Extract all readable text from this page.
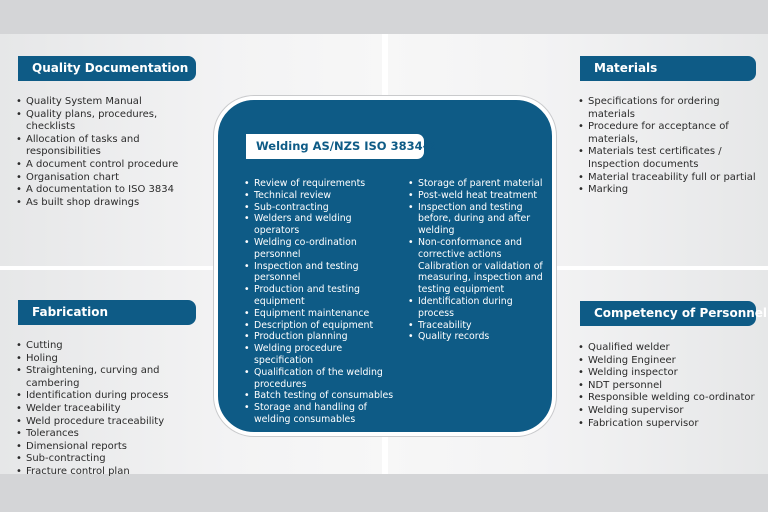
Quality Documentation
• Quality System Manual
• Quality plans, procedures, checklists
• Allocation of tasks and responsibilities
• A document control procedure
• Organisation chart
• A documentation to ISO 3834
• As built shop drawings
Materials
• Specifications for ordering materials
• Procedure for acceptance of materials,
• Materials test certificates / Inspection documents
• Material traceability full or partial
• Marking
Fabrication
• Cutting
• Holing
• Straightening, curving and cambering
• Identification during process
• Welder traceability
• Weld procedure traceability
• Tolerances
• Dimensional reports
• Sub-contracting
• Fracture control plan
Competency of Personnel
• Qualified welder
• Welding Engineer
• Welding inspector
• NDT personnel
• Responsible welding co-ordinator
• Welding supervisor
• Fabrication supervisor
Welding AS/NZS ISO 3834-2
• Review of requirements
• Technical review
• Sub-contracting
• Welders and welding operators
• Welding co-ordination personnel
• Inspection and testing personnel
• Production and testing equipment
• Equipment maintenance
• Description of equipment
• Production planning
• Welding procedure specification
• Qualification of the welding procedures
• Batch testing of consumables
• Storage and handling of welding consumables
• Storage of parent material
• Post-weld heat treatment
• Inspection and testing before, during and after welding
• Non-conformance and corrective actions Calibration or validation of measuring, inspection and testing equipment
• Identification during process
• Traceability
• Quality records
